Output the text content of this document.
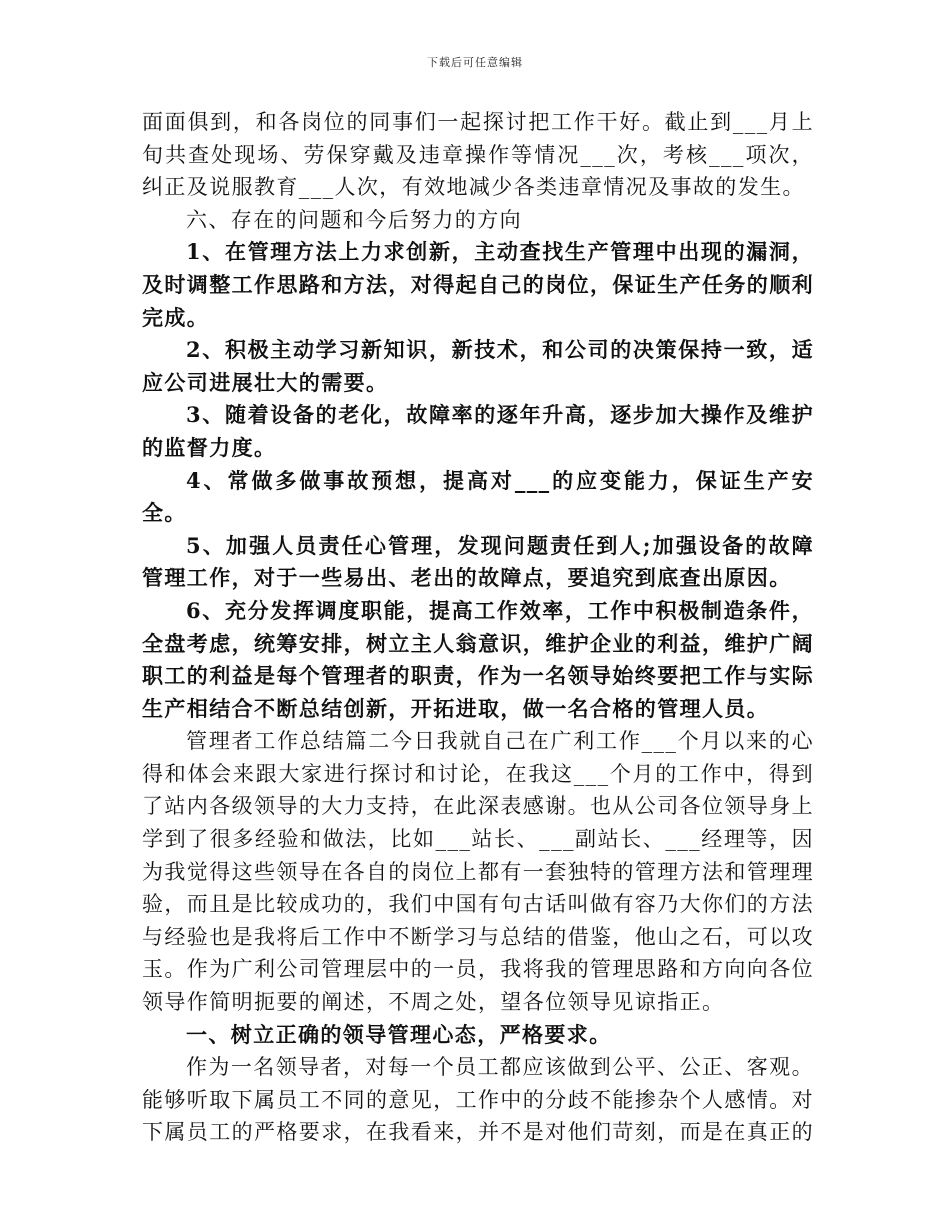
下载后可任意编辑

面面俱到，和各岗位的同事们一起探讨把工作干好。截止到___月上旬共查处现场、劳保穿戴及违章操作等情况___次，考核___项次，纠正及说服教育___人次，有效地减少各类违章情况及事故的发生。

六、存在的问题和今后努力的方向

1、在管理方法上力求创新，主动查找生产管理中出现的漏洞，及时调整工作思路和方法，对得起自己的岗位，保证生产任务的顺利完成。

2、积极主动学习新知识，新技术，和公司的决策保持一致，适应公司进展壮大的需要。

3、随着设备的老化，故障率的逐年升高，逐步加大操作及维护的监督力度。

4、常做多做事故预想，提高对___的应变能力，保证生产安全。

5、加强人员责任心管理，发现问题责任到人;加强设备的故障管理工作，对于一些易出、老出的故障点，要追究到底查出原因。

6、充分发挥调度职能，提高工作效率，工作中积极制造条件，全盘考虑，统筹安排，树立主人翁意识，维护企业的利益，维护广阔职工的利益是每个管理者的职责，作为一名领导始终要把工作与实际生产相结合不断总结创新，开拓进取，做一名合格的管理人员。

管理者工作总结篇二今日我就自己在广利工作___个月以来的心得和体会来跟大家进行探讨和讨论，在我这___个月的工作中，得到了站内各级领导的大力支持，在此深表感谢。也从公司各位领导身上学到了很多经验和做法，比如___站长、___副站长、___经理等，因为我觉得这些领导在各自的岗位上都有一套独特的管理方法和管理理验，而且是比较成功的，我们中国有句古话叫做有容乃大你们的方法与经验也是我将后工作中不断学习与总结的借鉴，他山之石，可以攻玉。作为广利公司管理层中的一员，我将我的管理思路和方向向各位领导作简明扼要的阐述，不周之处，望各位领导见谅指正。

一、树立正确的领导管理心态，严格要求。

作为一名领导者，对每一个员工都应该做到公平、公正、客观。能够听取下属员工不同的意见，工作中的分歧不能掺杂个人感情。对下属员工的严格要求，在我看来，并不是对他们苛刻，而是在真正的
